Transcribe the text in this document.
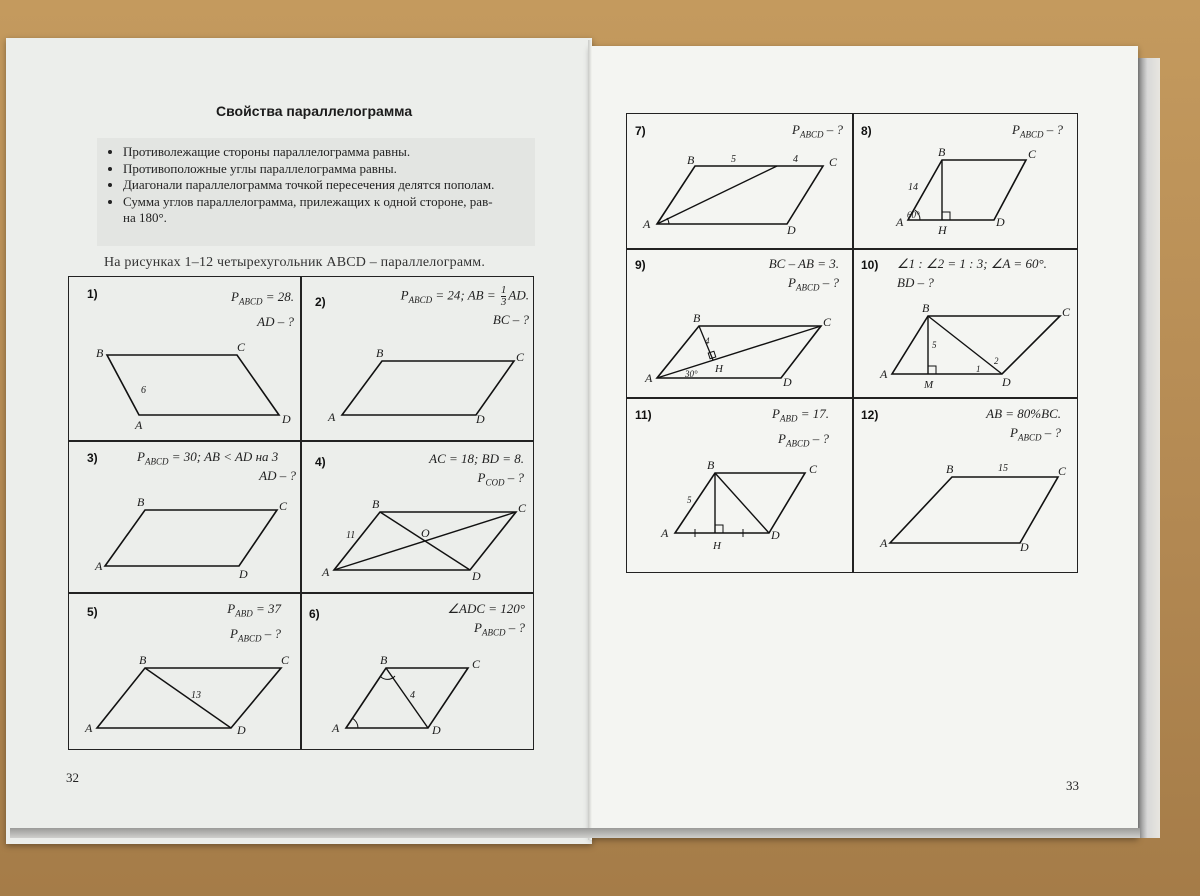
Свойства параллелограмма
• Противолежащие стороны параллелограмма равны.
• Противоположные углы параллелограмма равны.
• Диагонали параллелограмма точкой пересечения делятся пополам.
• Сумма углов параллелограмма, прилежащих к одной стороне, рав-
на 180°.
На рисунках 1–12 четырехугольник ABCD – параллелограмм.
1)	$P_{ABCD} = 28$.
AD – ?
B	C
A	D
6
2)	$P_{ABCD} = 24$; AB = $\frac{1}{3}$ AD.
BC – ?
B	C
A	D
3)	$P_{ABCD} = 30$; AB < AD на 3
AD – ?
B	C
A
D
4)	AC = 18; BD = 8.
$P_{COD}$ – ?
B	C
A	D
O
11
5)	$P_{ABD} = 37$
$P_{ABCD}$ – ?
B	C
A	D
13
6)	∠ADC = 120°
$P_{ABCD}$ – ?
B	C
A	D
4
7)	$P_{ABCD}$ – ?
B	C
A	D
5	4
8)	$P_{ABCD}$ – ?
B	C
A	D
H
14
60°
9)	BC – AB = 3.
$P_{ABCD}$ – ?
B	C
A	D
H
4
30°
10) ∠1 : ∠2 = 1 : 3; ∠A = 60°.
BD – ?
B	C
A
D
M
5
1
2
11)	$P_{ABD} = 17$.
$P_{ABCD}$ – ?
B	C
A	D
H
5
12)	AB = 80%BC.
$P_{ABCD}$ – ?
B	C
A	D
15
32
33
